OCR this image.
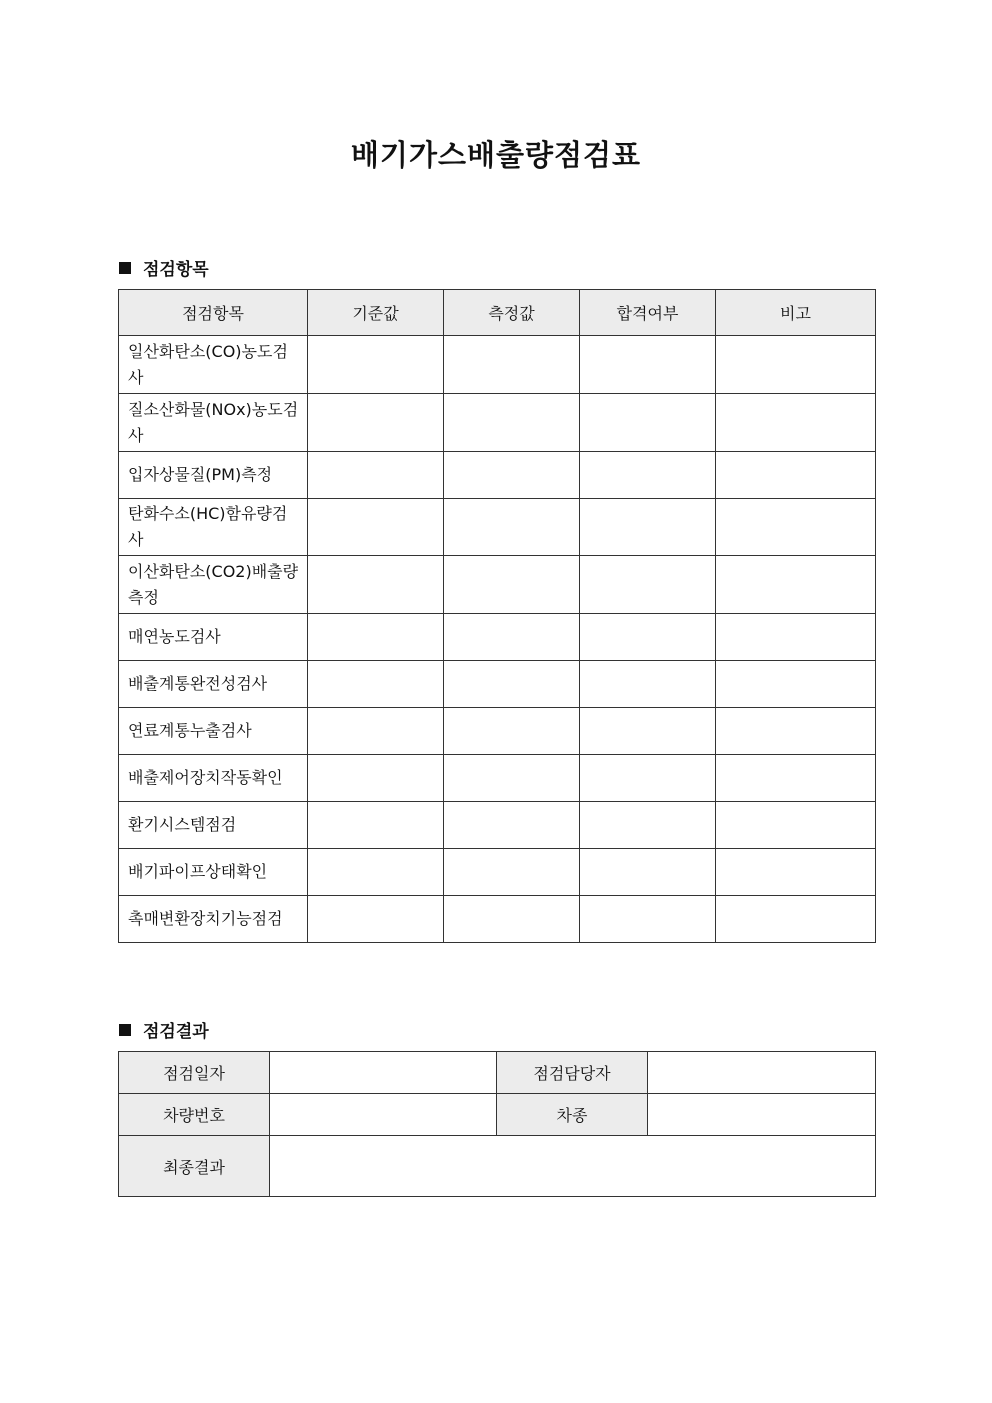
배기가스배출량점검표
점검항목
점검항목	기준값	측정값	합격여부	비고
일산화탄소(CO)농도검사				
질소산화물(NOx)농도검사				
입자상물질(PM)측정				
탄화수소(HC)함유량검사				
이산화탄소(CO2)배출량측정				
매연농도검사				
배출계통완전성검사				
연료계통누출검사				
배출제어장치작동확인				
환기시스템점검				
배기파이프상태확인				
촉매변환장치기능점검				
점검결과
점검일자		점검담당자	
차량번호		차종	
최종결과			
